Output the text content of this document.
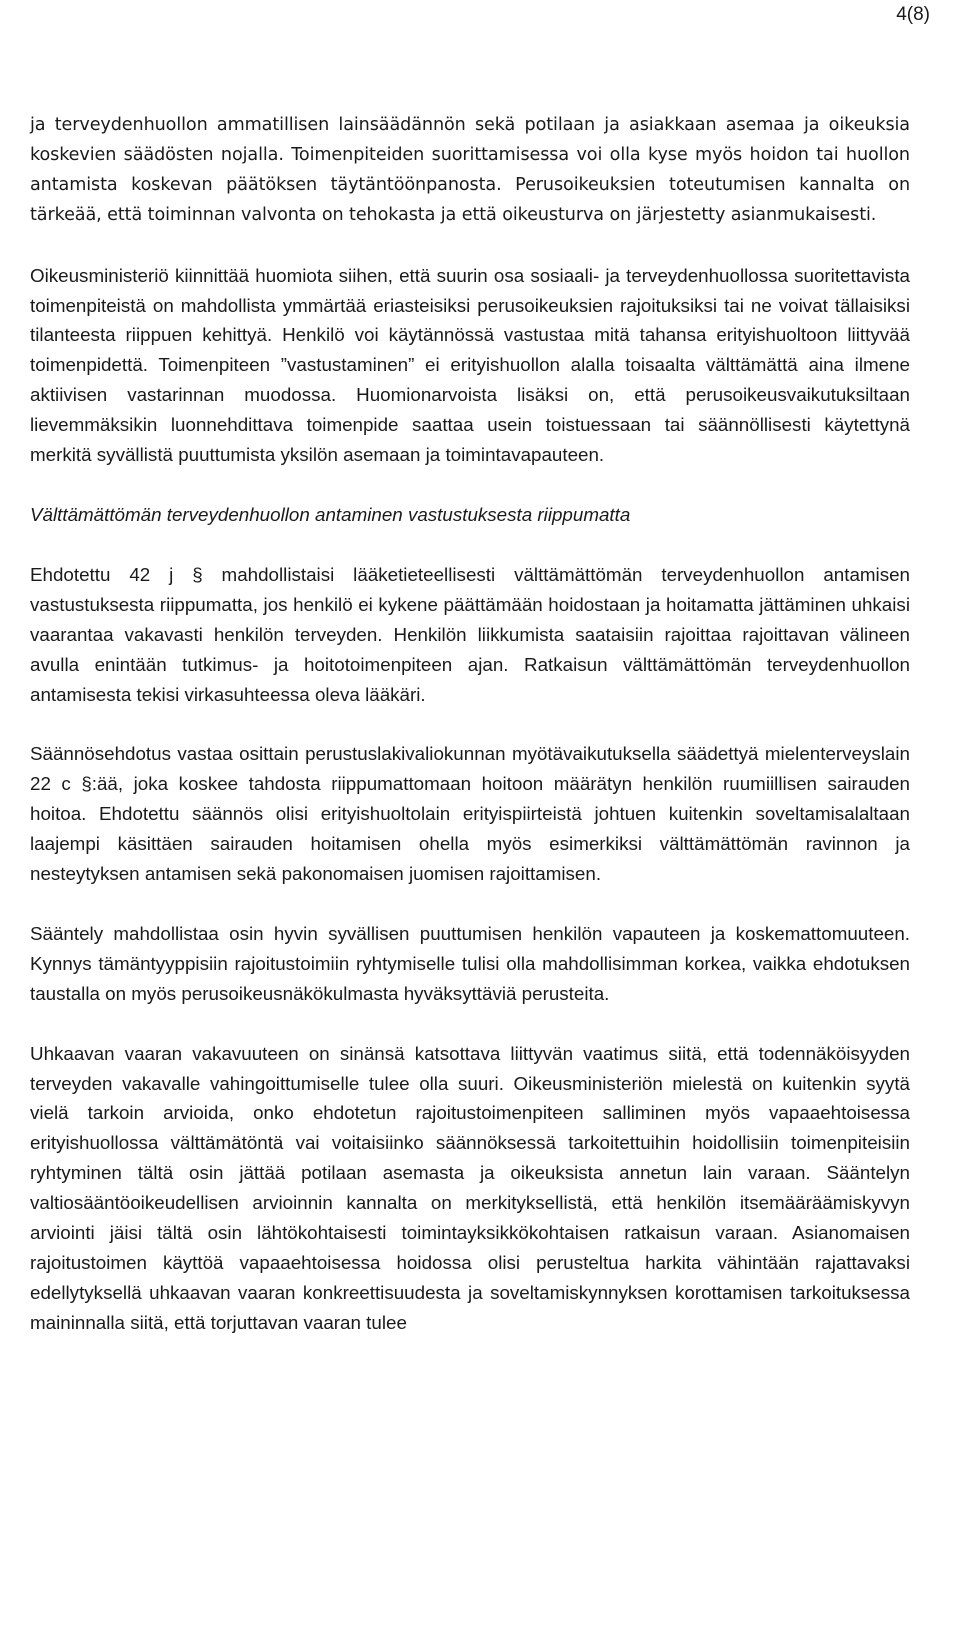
4(8)

ja terveydenhuollon ammatillisen lainsäädännön sekä potilaan ja asiakkaan asemaa ja oikeuksia koskevien säädösten nojalla. Toimenpiteiden suorittamisessa voi olla kyse myös hoidon tai huollon antamista koskevan päätöksen täytäntöönpanosta. Perusoikeuksien toteutumisen kannalta on tärkeää, että toiminnan valvonta on tehokasta ja että oikeusturva on järjestetty asianmukaisesti.

Oikeusministeriö kiinnittää huomiota siihen, että suurin osa sosiaali- ja terveydenhuollossa suoritettavista toimenpiteistä on mahdollista ymmärtää eriasteisiksi perusoikeuksien rajoituksiksi tai ne voivat tällaisiksi tilanteesta riippuen kehittyä. Henkilö voi käytännössä vastustaa mitä tahansa erityishuoltoon liittyvää toimenpidettä. Toimenpiteen ”vastustaminen” ei erityishuollon alalla toisaalta välttämättä aina ilmene aktiivisen vastarinnan muodossa. Huomionarvoista lisäksi on, että perusoikeusvaikutuksiltaan lievemmäksikin luonnehdittava toimenpide saattaa usein toistuessaan tai säännöllisesti käytettynä merkitä syvällistä puuttumista yksilön asemaan ja toimintavapauteen.

Välttämättömän terveydenhuollon antaminen vastustuksesta riippumatta

Ehdotettu 42 j § mahdollistaisi lääketieteellisesti välttämättömän terveydenhuollon antamisen vastustuksesta riippumatta, jos henkilö ei kykene päättämään hoidostaan ja hoitamatta jättäminen uhkaisi vaarantaa vakavasti henkilön terveyden. Henkilön liikkumista saataisiin rajoittaa rajoittavan välineen avulla enintään tutkimus- ja hoitotoimenpiteen ajan. Ratkaisun välttämättömän terveydenhuollon antamisesta tekisi virkasuhteessa oleva lääkäri.

Säännösehdotus vastaa osittain perustuslakivaliokunnan myötävaikutuksella säädettyä mielenterveyslain 22 c §:ää, joka koskee tahdosta riippumattomaan hoitoon määrätyn henkilön ruumiillisen sairauden hoitoa. Ehdotettu säännös olisi erityishuoltolain erityispiirteistä johtuen kuitenkin soveltamisalaltaan laajempi käsittäen sairauden hoitamisen ohella myös esimerkiksi välttämättömän ravinnon ja nesteytyksen antamisen sekä pakonomaisen juomisen rajoittamisen.

Sääntely mahdollistaa osin hyvin syvällisen puuttumisen henkilön vapauteen ja koskemattomuuteen. Kynnys tämäntyyppisiin rajoitustoimiin ryhtymiselle tulisi olla mahdollisimman korkea, vaikka ehdotuksen taustalla on myös perusoikeusnäkökulmasta hyväksyttäviä perusteita.

Uhkaavan vaaran vakavuuteen on sinänsä katsottava liittyvän vaatimus siitä, että todennäköisyyden terveyden vakavalle vahingoittumiselle tulee olla suuri. Oikeusministeriön mielestä on kuitenkin syytä vielä tarkoin arvioida, onko ehdotetun rajoitustoimenpiteen salliminen myös vapaaehtoisessa erityishuollossa välttämätöntä vai voitaisiinko säännöksessä tarkoitettuihin hoidollisiin toimenpiteisiin ryhtyminen tältä osin jättää potilaan asemasta ja oikeuksista annetun lain varaan. Sääntelyn valtiosääntöoikeudellisen arvioinnin kannalta on merkityksellistä, että henkilön itsemääräämiskyvyn arviointi jäisi tältä osin lähtökohtaisesti toimintayksikkökohtaisen ratkaisun varaan. Asianomaisen rajoitustoimen käyttöä vapaaehtoisessa hoidossa olisi perusteltua harkita vähintään rajattavaksi edellytyksellä uhkaavan vaaran konkreettisuudesta ja soveltamiskynnyksen korottamisen tarkoituksessa maininnalla siitä, että torjuttavan vaaran tulee
